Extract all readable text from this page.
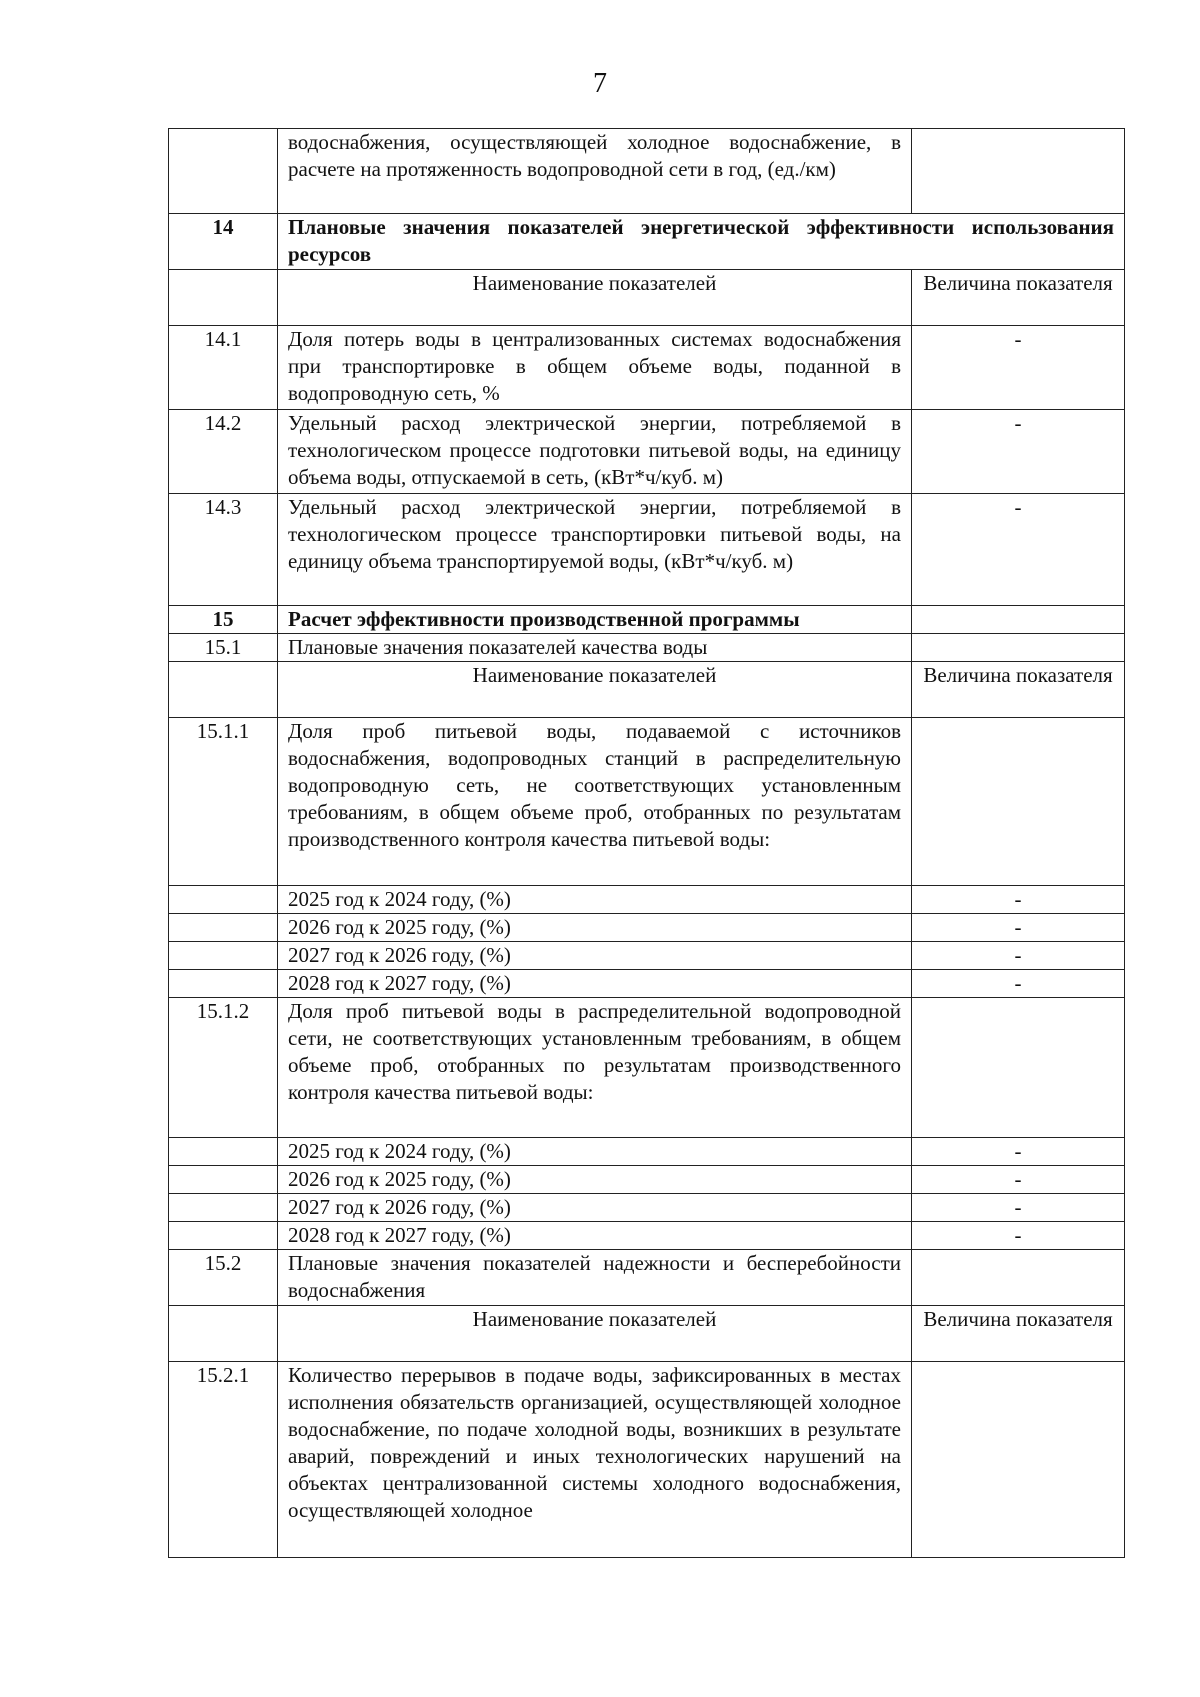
7
	водоснабжения, осуществляющей холодное водоснабжение, в расчете на протяженность водопроводной сети в год, (ед./км)	
14	Плановые значения показателей энергетической эффективности использования ресурсов	
	Наименование показателей	Величина показателя
14.1	Доля потерь воды в централизованных системах водоснабжения при транспортировке в общем объеме воды, поданной в водопроводную сеть, %	-
14.2	Удельный расход электрической энергии, потребляемой в технологическом процессе подготовки питьевой воды, на единицу объема воды, отпускаемой в сеть, (кВт*ч/куб. м)	-
14.3	Удельный расход электрической энергии, потребляемой в технологическом процессе транспортировки питьевой воды, на единицу объема транспортируемой воды, (кВт*ч/куб. м)	-
15	Расчет эффективности производственной программы	
15.1	Плановые значения показателей качества воды	
	Наименование показателей	Величина показателя
15.1.1	Доля проб питьевой воды, подаваемой с источников водоснабжения, водопроводных станций в распределительную водопроводную сеть, не соответствующих установленным требованиям, в общем объеме проб, отобранных по результатам производственного контроля качества питьевой воды:	
	2025 год к 2024 году, (%)	-
	2026 год к 2025 году, (%)	-
	2027 год к 2026 году, (%)	-
	2028 год к 2027 году, (%)	-
15.1.2	Доля проб питьевой воды в распределительной водопроводной сети, не соответствующих установленным требованиям, в общем объеме проб, отобранных по результатам производственного контроля качества питьевой воды:	
	2025 год к 2024 году, (%)	-
	2026 год к 2025 году, (%)	-
	2027 год к 2026 году, (%)	-
	2028 год к 2027 году, (%)	-
15.2	Плановые значения показателей надежности и бесперебойности водоснабжения	
	Наименование показателей	Величина показателя
15.2.1	Количество перерывов в подаче воды, зафиксированных в местах исполнения обязательств организацией, осуществляющей холодное водоснабжение, по подаче холодной воды, возникших в результате аварий, повреждений и иных технологических нарушений на объектах централизованной системы холодного водоснабжения, осуществляющей холодное	
